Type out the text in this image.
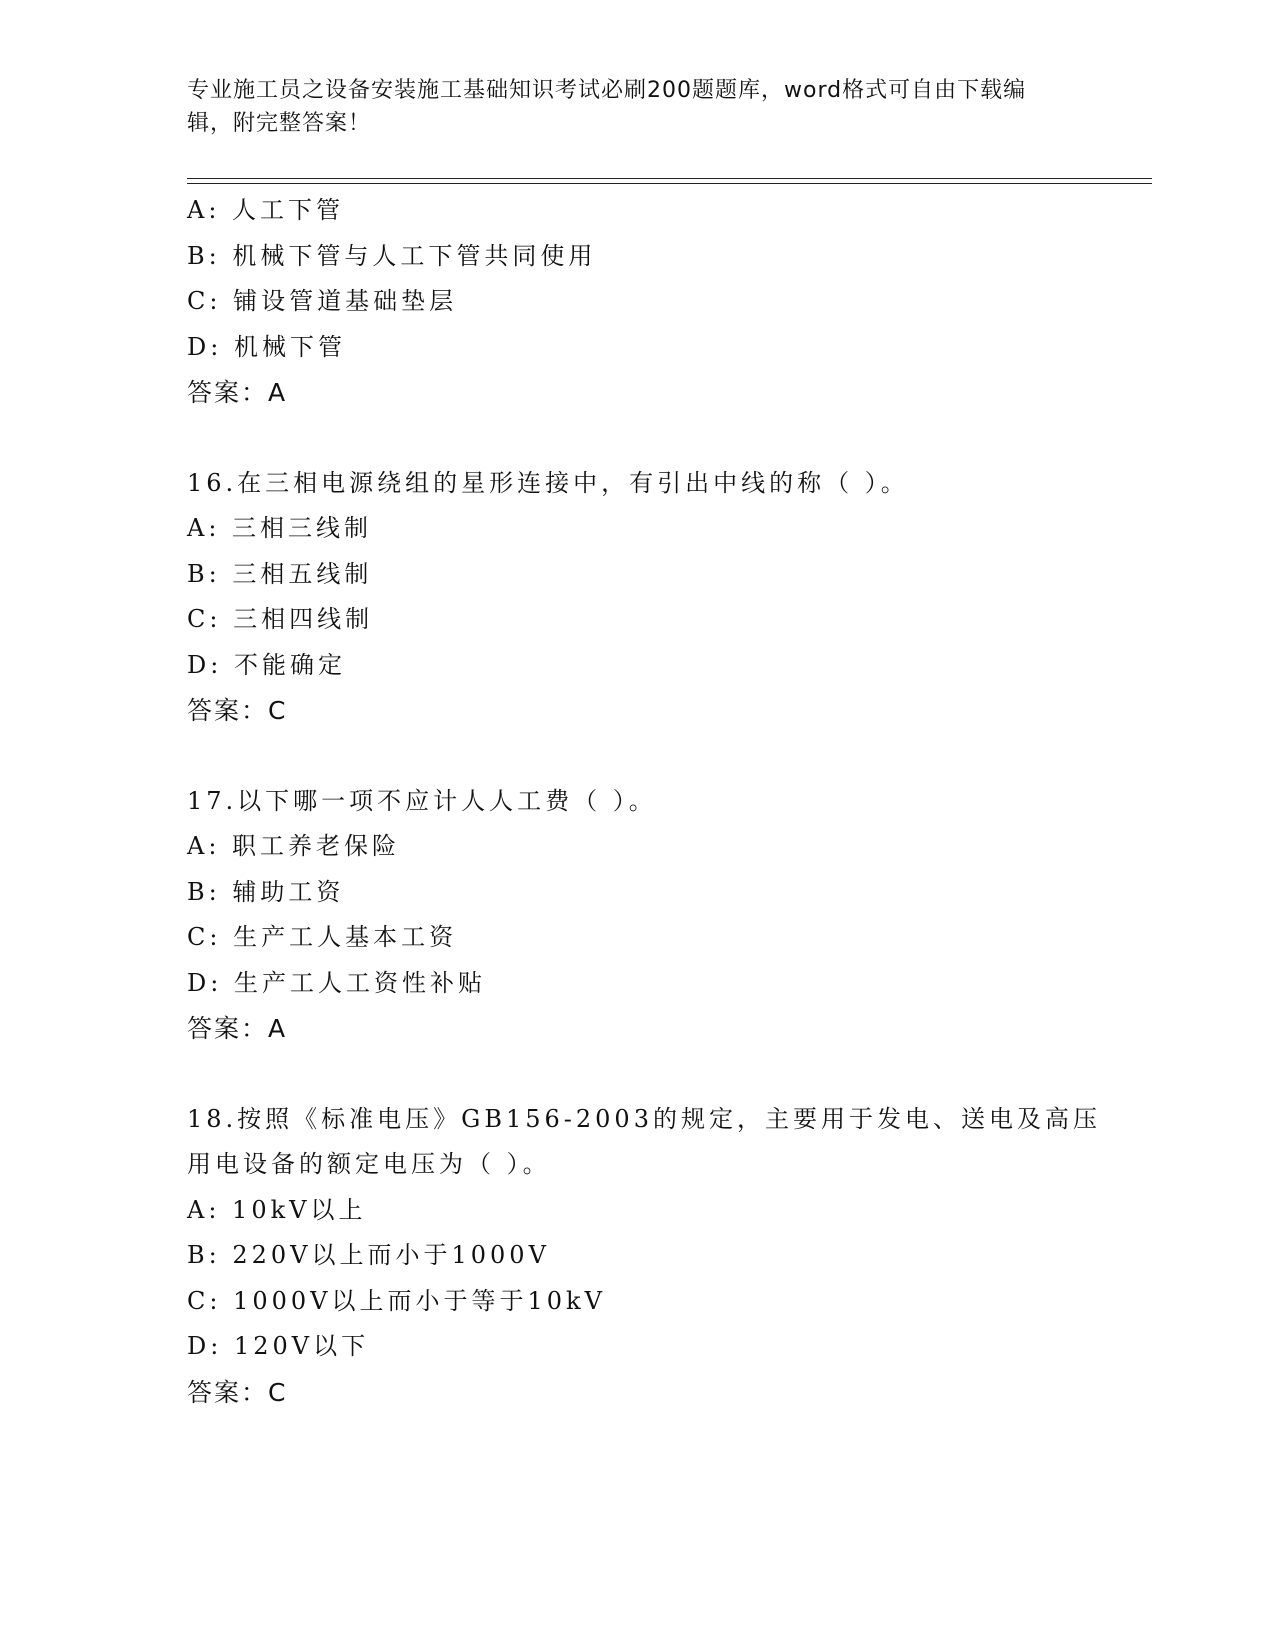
专业施工员之设备安装施工基础知识考试必刷200题题库，word格式可自由下载编辑，附完整答案！
A: 人工下管
B: 机械下管与人工下管共同使用
C: 铺设管道基础垫层
D: 机械下管
答案：A
16.在三相电源绕组的星形连接中，有引出中线的称（ ）。
A: 三相三线制
B: 三相五线制
C: 三相四线制
D: 不能确定
答案：C
17.以下哪一项不应计人人工费（ ）。
A: 职工养老保险
B: 辅助工资
C: 生产工人基本工资
D: 生产工人工资性补贴
答案：A
18.按照《标准电压》GB156-2003的规定，主要用于发电、送电及高压用电设备的额定电压为（ ）。
A: 10kV以上
B: 220V以上而小于1000V
C: 1000V以上而小于等于10kV
D: 120V以下
答案：C
